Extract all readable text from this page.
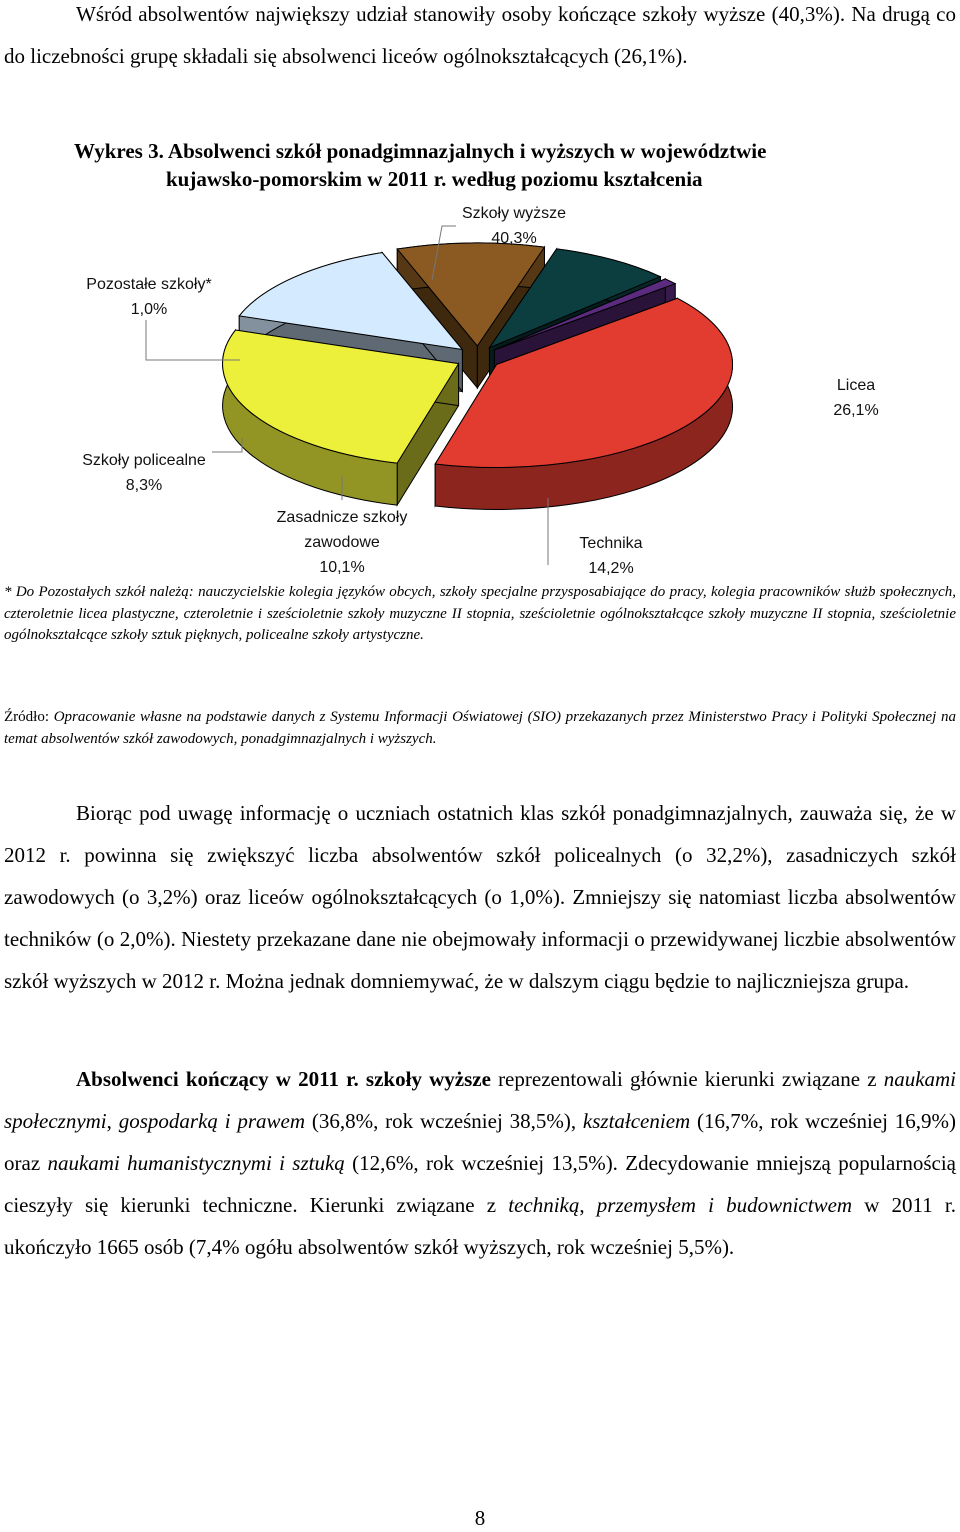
Wśród absolwentów największy udział stanowiły osoby kończące szkoły wyższe (40,3%). Na drugą co do liczebności grupę składali się absolwenci liceów ogólnokształcących (26,1%).

Wykres 3. Absolwenci szkół ponadgimnazjalnych i wyższych w województwie
kujawsko-pomorskim w 2011 r. według poziomu kształcenia

Szkoły wyższe 40,3%
Licea 26,1%
Technika 14,2%
Zasadnicze szkoły zawodowe 10,1%
Szkoły policealne 8,3%
Pozostałe szkoły* 1,0%

* Do Pozostałych szkół należą: nauczycielskie kolegia języków obcych, szkoły specjalne przysposabiające do pracy, kolegia pracowników służb społecznych, czteroletnie licea plastyczne, czteroletnie i sześcioletnie szkoły muzyczne II stopnia, sześcioletnie ogólnokształcące szkoły muzyczne II stopnia, sześcioletnie ogólnokształcące szkoły sztuk pięknych, policealne szkoły artystyczne.

Źródło: Opracowanie własne na podstawie danych z Systemu Informacji Oświatowej (SIO) przekazanych przez Ministerstwo Pracy i Polityki Społecznej na temat absolwentów szkół zawodowych, ponadgimnazjalnych i wyższych.

Biorąc pod uwagę informację o uczniach ostatnich klas szkół ponadgimnazjalnych, zauważa się, że w 2012 r. powinna się zwiększyć liczba absolwentów szkół policealnych (o 32,2%), zasadniczych szkół zawodowych (o 3,2%) oraz liceów ogólnokształcących (o 1,0%). Zmniejszy się natomiast liczba absolwentów techników (o 2,0%). Niestety przekazane dane nie obejmowały informacji o przewidywanej liczbie absolwentów szkół wyższych w 2012 r. Można jednak domniemywać, że w dalszym ciągu będzie to najliczniejsza grupa.

Absolwenci kończący w 2011 r. szkoły wyższe reprezentowali głównie kierunki związane z naukami społecznymi, gospodarką i prawem (36,8%, rok wcześniej 38,5%), kształceniem (16,7%, rok wcześniej 16,9%) oraz naukami humanistycznymi i sztuką (12,6%, rok wcześniej 13,5%). Zdecydowanie mniejszą popularnością cieszyły się kierunki techniczne. Kierunki związane z techniką, przemysłem i budownictwem w 2011 r. ukończyło 1665 osób (7,4% ogółu absolwentów szkół wyższych, rok wcześniej 5,5%).

8
